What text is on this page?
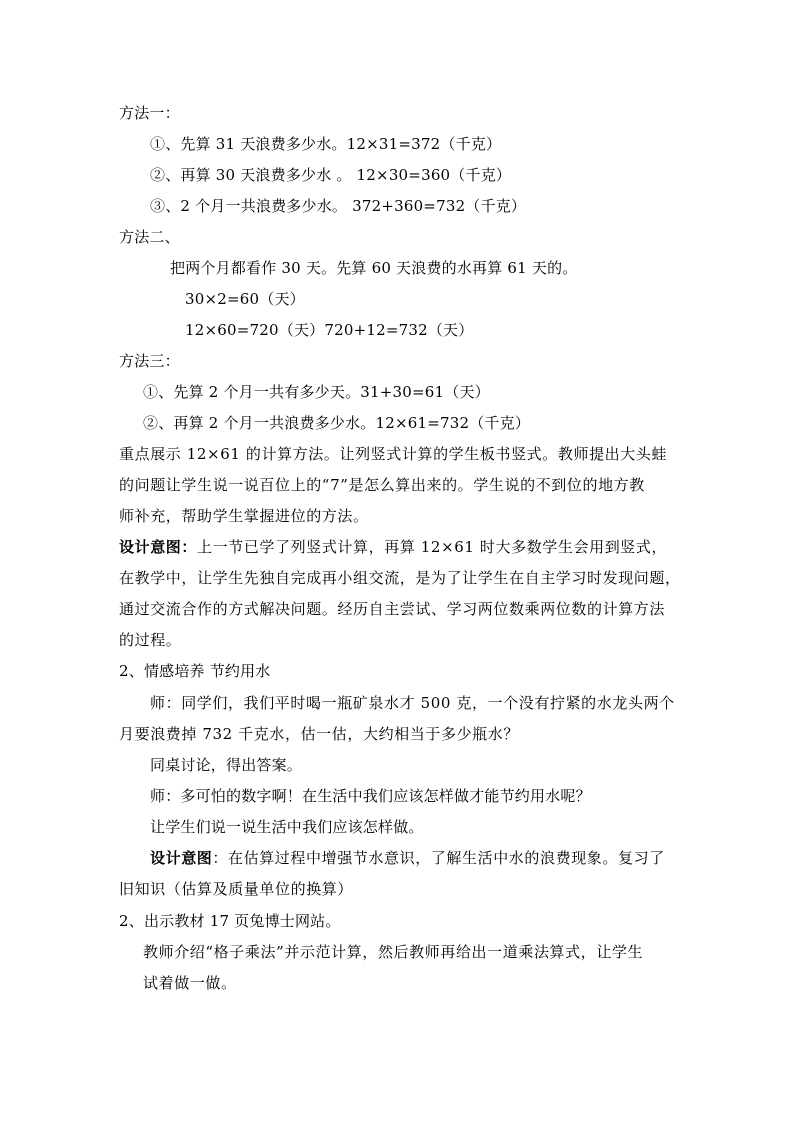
方法一：
①、先算 31 天浪费多少水。12×31=372（千克）
②、再算 30 天浪费多少水 。 12×30=360（千克）
③、2 个月一共浪费多少水。 372+360=732（千克）
方法二、
把两个月都看作 30 天。先算 60 天浪费的水再算 61 天的。
30×2=60（天）
12×60=720（天）720+12=732（天）
方法三：
①、先算 2 个月一共有多少天。31+30=61（天）
②、再算 2 个月一共浪费多少水。12×61=732（千克）
重点展示 12×61 的计算方法。让列竖式计算的学生板书竖式。教师提出大头蛙
的问题让学生说一说百位上的“7”是怎么算出来的。学生说的不到位的地方教
师补充，帮助学生掌握进位的方法。
设计意图：上一节已学了列竖式计算，再算 12×61 时大多数学生会用到竖式，
在教学中，让学生先独自完成再小组交流，是为了让学生在自主学习时发现问题，
通过交流合作的方式解决问题。经历自主尝试、学习两位数乘两位数的计算方法
的过程。
2、情感培养 节约用水
师：同学们，我们平时喝一瓶矿泉水才 500 克，一个没有拧紧的水龙头两个
月要浪费掉 732 千克水，估一估，大约相当于多少瓶水？
同桌讨论，得出答案。
师：多可怕的数字啊！在生活中我们应该怎样做才能节约用水呢？
让学生们说一说生活中我们应该怎样做。
设计意图：在估算过程中增强节水意识，了解生活中水的浪费现象。复习了
旧知识（估算及质量单位的换算）
2、出示教材 17 页兔博士网站。
教师介绍“格子乘法”并示范计算，然后教师再给出一道乘法算式，让学生
试着做一做。
